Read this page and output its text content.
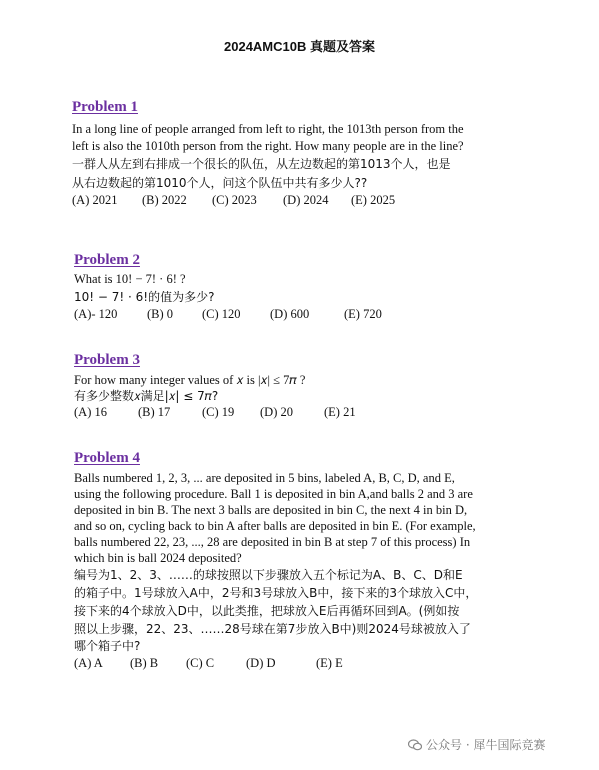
2024AMC10B 真题及答案
Problem 1
In a long line of people arranged from left to right, the 1013th person from the
left is also the 1010th person from the right. How many people are in the line?
一群人从左到右排成一个很长的队伍，从左边数起的第1013个人，也是
从右边数起的第1010个人，问这个队伍中共有多少人??
(A) 2021 (B) 2022 (C) 2023 (D) 2024 (E) 2025
Problem 2
What is 10! − 7! · 6! ?
10! − 7! · 6!的值为多少?
(A)- 120 (B) 0 (C) 120 (D) 600	(E) 720
Problem 3
For how many integer values of 𝑥 is |𝑥| ≤ 7𝜋 ?
有多少整数𝑥满足|𝑥| ≤ 7𝜋?
(A) 16 (B) 17	(C) 19 (D) 20 (E) 21
Problem 4
Balls numbered 1, 2, 3, ... are deposited in 5 bins, labeled A, B, C, D, and E,
using the following procedure. Ball 1 is deposited in bin A,and balls 2 and 3 are
deposited in bin B. The next 3 balls are deposited in bin C, the next 4 in bin D,
and so on, cycling back to bin A after balls are deposited in bin E. (For example,
balls numbered 22, 23, ..., 28 are deposited in bin B at step 7 of this process) In
which bin is ball 2024 deposited?
编号为1、2、3、……的球按照以下步骤放入五个标记为A、B、C、D和E
的箱子中。1号球放入A中，2号和3号球放入B中，接下来的3个球放入C中，
接下来的4个球放入D中，以此类推，把球放入E后再循环回到A。(例如按
照以上步骤，22、23、……28号球在第7步放入B中)则2024号球被放入了
哪个箱子中?
(A) A (B) B (C) C	(D) D	(E) E
公众号 · 犀牛国际竞赛
